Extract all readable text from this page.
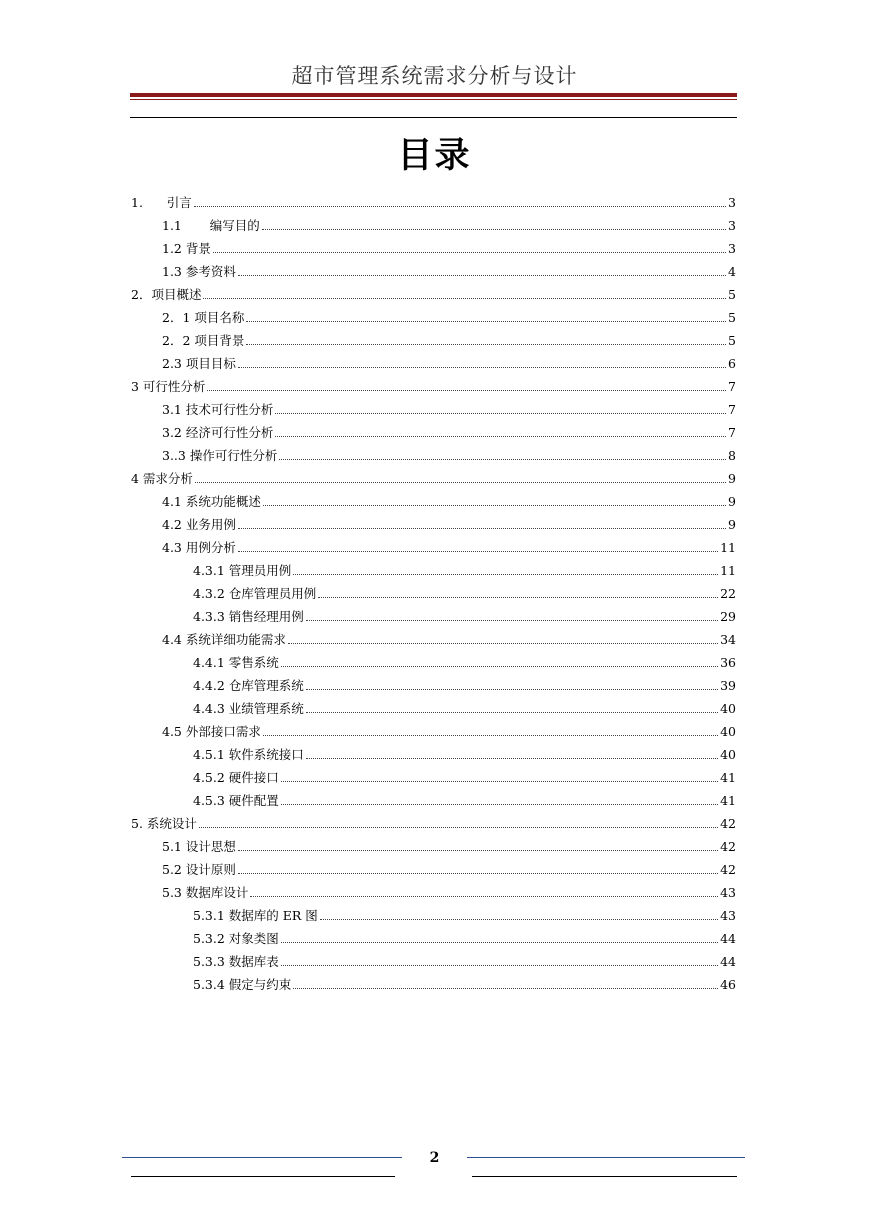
超市管理系统需求分析与设计
目录
1.      引言	3
1.1       编写目的	3
1.2 背景	3
1.3 参考资料	4
2．项目概述	5
2．1 项目名称	5
2．2 项目背景	5
2.3 项目目标	6
3 可行性分析	7
3.1 技术可行性分析	7
3.2 经济可行性分析	7
3..3 操作可行性分析	8
4 需求分析	9
4.1 系统功能概述	9
4.2 业务用例	9
4.3 用例分析	11
4.3.1 管理员用例	11
4.3.2 仓库管理员用例	22
4.3.3 销售经理用例	29
4.4 系统详细功能需求	34
4.4.1 零售系统	36
4.4.2 仓库管理系统	39
4.4.3 业绩管理系统	40
4.5 外部接口需求	40
4.5.1 软件系统接口	40
4.5.2 硬件接口	41
4.5.3 硬件配置	41
5. 系统设计	42
5.1 设计思想	42
5.2 设计原则	42
5.3 数据库设计	43
5.3.1 数据库的 ER 图	43
5.3.2 对象类图	44
5.3.3 数据库表	44
5.3.4 假定与约束	46
2
